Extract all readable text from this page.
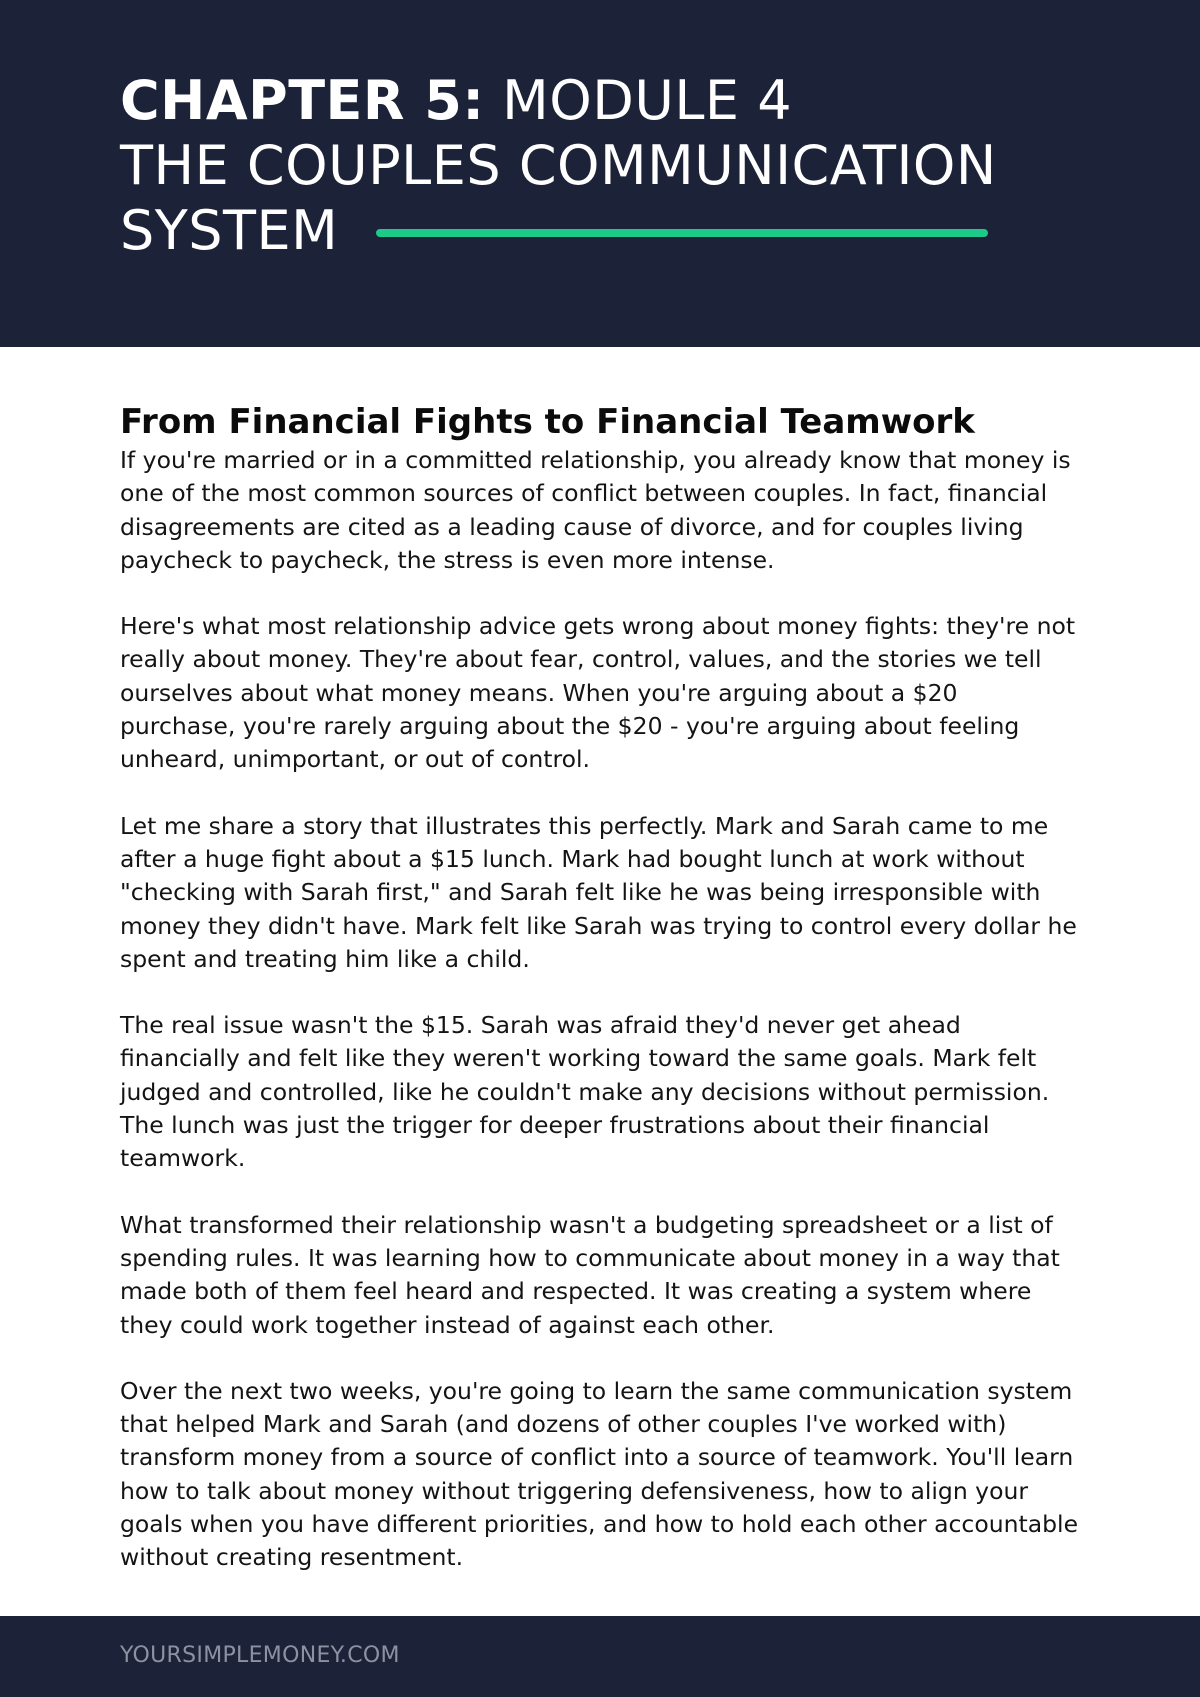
CHAPTER 5: MODULE 4
THE COUPLES COMMUNICATION
SYSTEM
From Financial Fights to Financial Teamwork

If you're married or in a committed relationship, you already know that money is one of the most common sources of conflict between couples. In fact, financial disagreements are cited as a leading cause of divorce, and for couples living paycheck to paycheck, the stress is even more intense.

Here's what most relationship advice gets wrong about money fights: they're not really about money. They're about fear, control, values, and the stories we tell ourselves about what money means. When you're arguing about a $20 purchase, you're rarely arguing about the $20 - you're arguing about feeling unheard, unimportant, or out of control.

Let me share a story that illustrates this perfectly. Mark and Sarah came to me after a huge fight about a $15 lunch. Mark had bought lunch at work without "checking with Sarah first," and Sarah felt like he was being irresponsible with money they didn't have. Mark felt like Sarah was trying to control every dollar he spent and treating him like a child.

The real issue wasn't the $15. Sarah was afraid they'd never get ahead financially and felt like they weren't working toward the same goals. Mark felt judged and controlled, like he couldn't make any decisions without permission. The lunch was just the trigger for deeper frustrations about their financial teamwork.

What transformed their relationship wasn't a budgeting spreadsheet or a list of spending rules. It was learning how to communicate about money in a way that made both of them feel heard and respected. It was creating a system where they could work together instead of against each other.

Over the next two weeks, you're going to learn the same communication system that helped Mark and Sarah (and dozens of other couples I've worked with) transform money from a source of conflict into a source of teamwork. You'll learn how to talk about money without triggering defensiveness, how to align your goals when you have different priorities, and how to hold each other accountable without creating resentment.

YOURSIMPLEMONEY.COM
